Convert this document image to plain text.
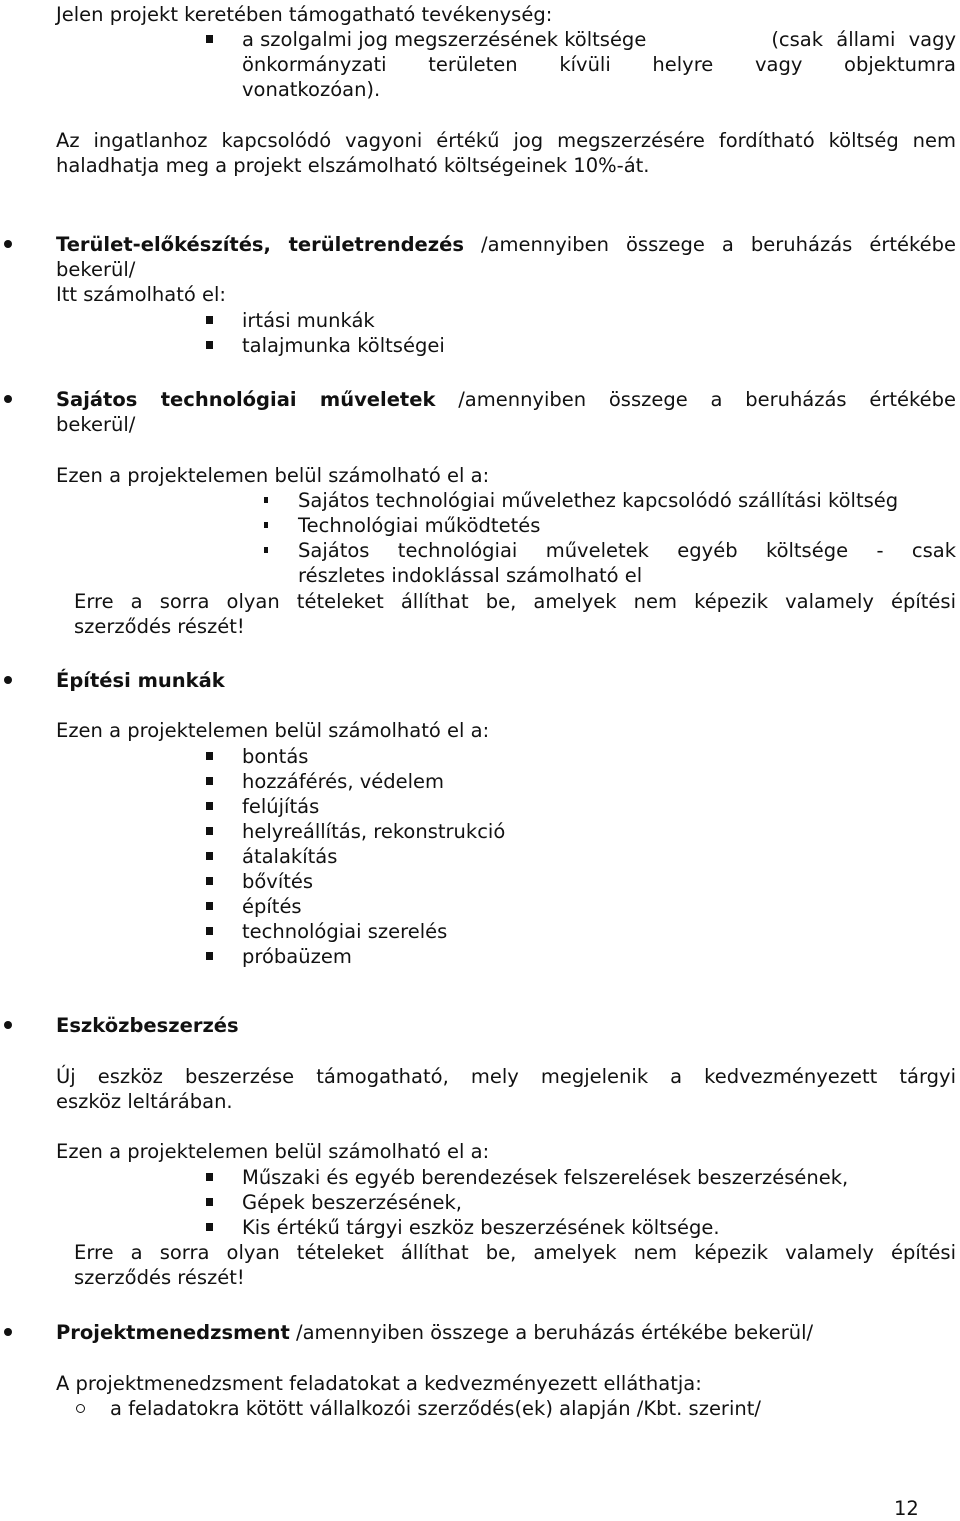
Jelen projekt keretében támogatható tevékenység:
a szolgalmi jog megszerzésének költsége	(csak állami vagy
önkormányzati területen kívüli helyre vagy objektumra
vonatkozóan).
Az ingatlanhoz kapcsolódó vagyoni értékű jog megszerzésére fordítható költség nem
haladhatja meg a projekt elszámolható költségeinek 10%-át.
Terület-előkészítés, területrendezés /amennyiben összege a beruházás értékébe
bekerül/
Itt számolható el:
irtási munkák
talajmunka költségei
Sajátos technológiai műveletek /amennyiben összege a beruházás értékébe
bekerül/
Ezen a projektelemen belül számolható el a:
Sajátos technológiai művelethez kapcsolódó szállítási költség
Technológiai működtetés
Sajátos technológiai műveletek egyéb költsége - csak
részletes indoklással számolható el
Erre a sorra olyan tételeket állíthat be, amelyek nem képezik valamely építési
szerződés részét!
Építési munkák
Ezen a projektelemen belül számolható el a:
bontás
hozzáférés, védelem
felújítás
helyreállítás, rekonstrukció
átalakítás
bővítés
építés
technológiai szerelés
próbaüzem
Eszközbeszerzés
Új eszköz beszerzése támogatható, mely megjelenik a kedvezményezett tárgyi
eszköz leltárában.
Ezen a projektelemen belül számolható el a:
Műszaki és egyéb berendezések felszerelések beszerzésének,
Gépek beszerzésének,
Kis értékű tárgyi eszköz beszerzésének költsége.
Erre a sorra olyan tételeket állíthat be, amelyek nem képezik valamely építési
szerződés részét!
Projektmenedzsment /amennyiben összege a beruházás értékébe bekerül/
A projektmenedzsment feladatokat a kedvezményezett elláthatja:
a feladatokra kötött vállalkozói szerződés(ek) alapján /Kbt. szerint/
12
